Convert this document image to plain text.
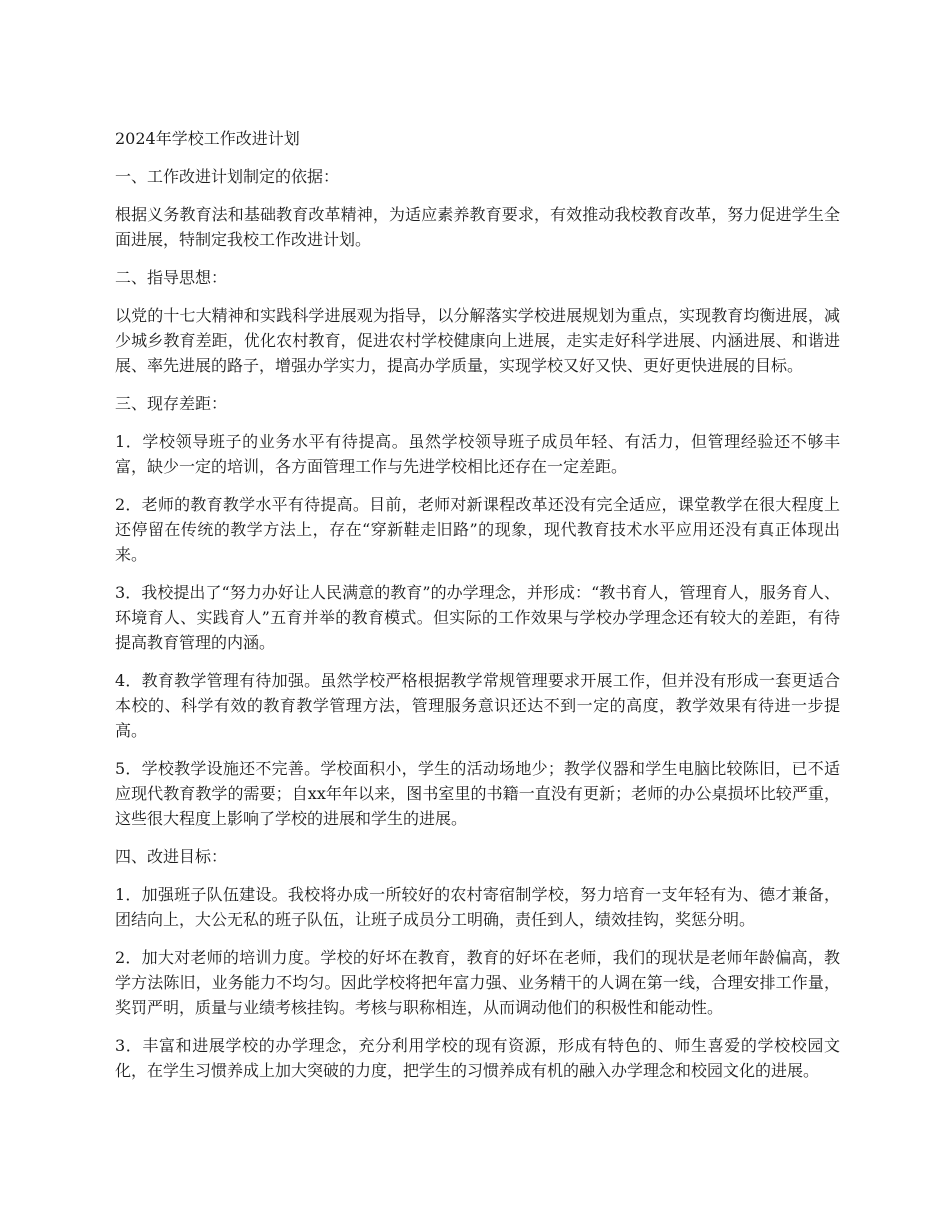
2024年学校工作改进计划

一、工作改进计划制定的依据：

根据义务教育法和基础教育改革精神，为适应素养教育要求，有效推动我校教育改革，努力促进学生全面进展，特制定我校工作改进计划。

二、指导思想：

以党的十七大精神和实践科学进展观为指导，以分解落实学校进展规划为重点，实现教育均衡进展，减少城乡教育差距，优化农村教育，促进农村学校健康向上进展，走实走好科学进展、内涵进展、和谐进展、率先进展的路子，增强办学实力，提高办学质量，实现学校又好又快、更好更快进展的目标。

三、现存差距：

1．学校领导班子的业务水平有待提高。虽然学校领导班子成员年轻、有活力，但管理经验还不够丰富，缺少一定的培训，各方面管理工作与先进学校相比还存在一定差距。

2．老师的教育教学水平有待提高。目前，老师对新课程改革还没有完全适应，课堂教学在很大程度上还停留在传统的教学方法上，存在“穿新鞋走旧路”的现象，现代教育技术水平应用还没有真正体现出来。

3．我校提出了“努力办好让人民满意的教育”的办学理念，并形成：“教书育人，管理育人，服务育人、环境育人、实践育人”五育并举的教育模式。但实际的工作效果与学校办学理念还有较大的差距，有待提高教育管理的内涵。

4．教育教学管理有待加强。虽然学校严格根据教学常规管理要求开展工作，但并没有形成一套更适合本校的、科学有效的教育教学管理方法，管理服务意识还达不到一定的高度，教学效果有待进一步提高。

5．学校教学设施还不完善。学校面积小，学生的活动场地少；教学仪器和学生电脑比较陈旧，已不适应现代教育教学的需要；自xx年年以来，图书室里的书籍一直没有更新；老师的办公桌损坏比较严重，这些很大程度上影响了学校的进展和学生的进展。

四、改进目标：

1．加强班子队伍建设。我校将办成一所较好的农村寄宿制学校，努力培育一支年轻有为、德才兼备，团结向上，大公无私的班子队伍，让班子成员分工明确，责任到人，绩效挂钩，奖惩分明。

2．加大对老师的培训力度。学校的好坏在教育，教育的好坏在老师，我们的现状是老师年龄偏高，教学方法陈旧，业务能力不均匀。因此学校将把年富力强、业务精干的人调在第一线，合理安排工作量，奖罚严明，质量与业绩考核挂钩。考核与职称相连，从而调动他们的积极性和能动性。

3．丰富和进展学校的办学理念，充分利用学校的现有资源，形成有特色的、师生喜爱的学校校园文化，在学生习惯养成上加大突破的力度，把学生的习惯养成有机的融入办学理念和校园文化的进展。
